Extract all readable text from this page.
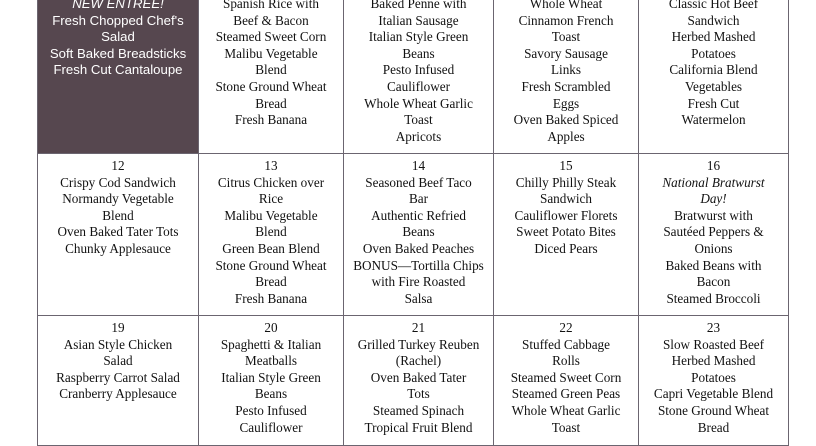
NEW ENTREE!
Fresh Chopped Chef's
Salad
Soft Baked Breadsticks
Fresh Cut Cantaloupe
Spanish Rice with
Beef & Bacon
Steamed Sweet Corn
Malibu Vegetable
Blend
Stone Ground Wheat
Bread
Fresh Banana
Baked Penne with
Italian Sausage
Italian Style Green
Beans
Pesto Infused
Cauliflower
Whole Wheat Garlic
Toast
Apricots
Whole Wheat
Cinnamon French
Toast
Savory Sausage
Links
Fresh Scrambled
Eggs
Oven Baked Spiced
Apples
Classic Hot Beef
Sandwich
Herbed Mashed
Potatoes
California Blend
Vegetables
Fresh Cut
Watermelon
12
Crispy Cod Sandwich
Normandy Vegetable
Blend
Oven Baked Tater Tots
Chunky Applesauce
13
Citrus Chicken over
Rice
Malibu Vegetable
Blend
Green Bean Blend
Stone Ground Wheat
Bread
Fresh Banana
14
Seasoned Beef Taco
Bar
Authentic Refried
Beans
Oven Baked Peaches
BONUS—Tortilla Chips
with Fire Roasted
Salsa
15
Chilly Philly Steak
Sandwich
Cauliflower Florets
Sweet Potato Bites
Diced Pears
16
National Bratwurst
Day!
Bratwurst with
Sautéed Peppers &
Onions
Baked Beans with
Bacon
Steamed Broccoli
19
Asian Style Chicken
Salad
Raspberry Carrot Salad
Cranberry Applesauce
20
Spaghetti & Italian
Meatballs
Italian Style Green
Beans
Pesto Infused
Cauliflower
21
Grilled Turkey Reuben
(Rachel)
Oven Baked Tater
Tots
Steamed Spinach
Tropical Fruit Blend
22
Stuffed Cabbage
Rolls
Steamed Sweet Corn
Steamed Green Peas
Whole Wheat Garlic
Toast
23
Slow Roasted Beef
Herbed Mashed
Potatoes
Capri Vegetable Blend
Stone Ground Wheat
Bread
